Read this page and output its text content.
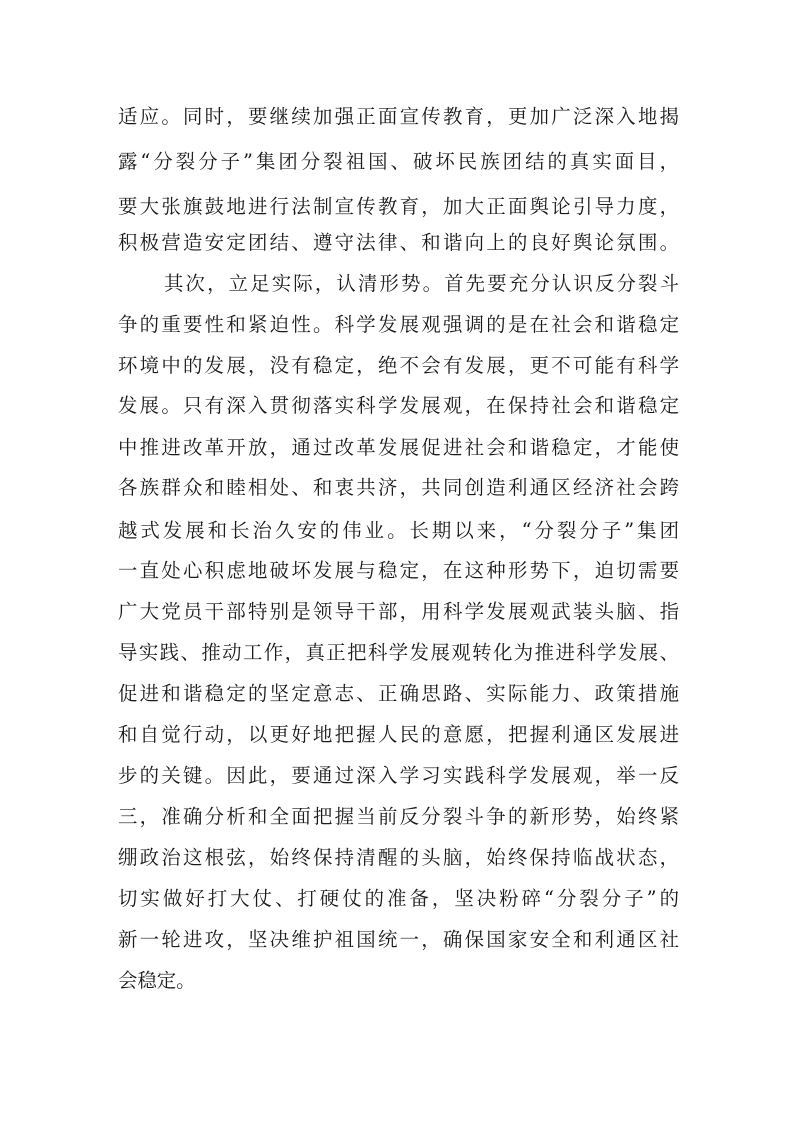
适应。同时，要继续加强正面宣传教育，更加广泛深入地揭
露“分裂分子”集团分裂祖国、破坏民族团结的真实面目，
要大张旗鼓地进行法制宣传教育，加大正面舆论引导力度，
积极营造安定团结、遵守法律、和谐向上的良好舆论氛围。
其次，立足实际，认清形势。首先要充分认识反分裂斗
争的重要性和紧迫性。科学发展观强调的是在社会和谐稳定
环境中的发展，没有稳定，绝不会有发展，更不可能有科学
发展。只有深入贯彻落实科学发展观，在保持社会和谐稳定
中推进改革开放，通过改革发展促进社会和谐稳定，才能使
各族群众和睦相处、和衷共济，共同创造利通区经济社会跨
越式发展和长治久安的伟业。长期以来，“分裂分子”集团
一直处心积虑地破坏发展与稳定，在这种形势下，迫切需要
广大党员干部特别是领导干部，用科学发展观武装头脑、指
导实践、推动工作，真正把科学发展观转化为推进科学发展、
促进和谐稳定的坚定意志、正确思路、实际能力、政策措施
和自觉行动，以更好地把握人民的意愿，把握利通区发展进
步的关键。因此，要通过深入学习实践科学发展观，举一反
三，准确分析和全面把握当前反分裂斗争的新形势，始终紧
绷政治这根弦，始终保持清醒的头脑，始终保持临战状态，
切实做好打大仗、打硬仗的准备，坚决粉碎“分裂分子”的
新一轮进攻，坚决维护祖国统一，确保国家安全和利通区社
会稳定。
